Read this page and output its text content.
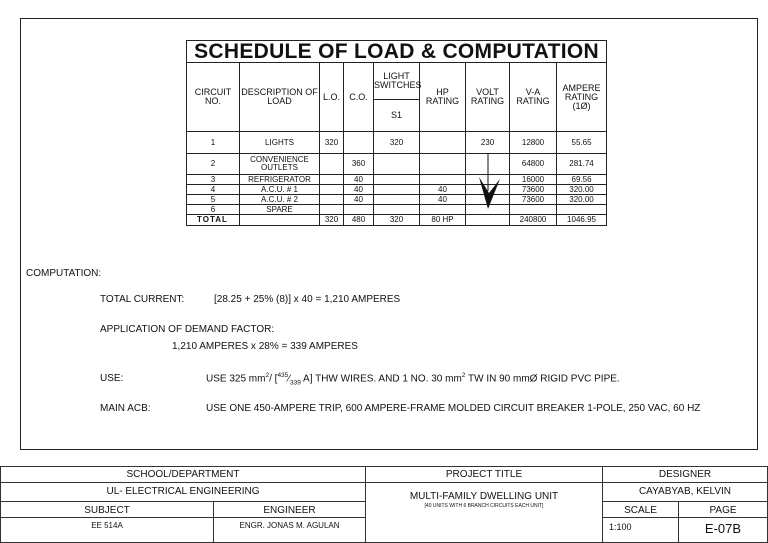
SCHEDULE OF LOAD & COMPUTATION								
CIRCUIT NO.	DESCRIPTION OF LOAD	L.O.	C.O.	LIGHT SWITCHES	HP RATING	VOLT RATING	V-A RATING	AMPERE RATING (1Ø)
				S1				
1	LIGHTS	320		320		230	12800	55.65
2	CONVENIENCE OUTLETS		360				64800	281.74
3	REFRIGERATOR		40				16000	69.56
4	A.C.U. # 1		40		40		73600	320.00
5	A.C.U. # 2		40		40		73600	320.00
6	SPARE							
TOTAL		320	480	320	80 HP		240800	1046.95
COMPUTATION:
TOTAL CURRENT:	[28.25 + 25% (8)] x 40 = 1,210 AMPERES
APPLICATION OF DEMAND FACTOR:
1,210 AMPERES x 28% = 339 AMPERES
USE:	USE 325 $mm^2/$ [$^{435}⁄_{339}$ A] THW WIRES. AND 1 NO. 30 $mm^2$ TW IN 90 mmØ RIGID PVC PIPE.
MAIN ACB:	USE ONE 450-AMPERE TRIP, 600 AMPERE-FRAME MOLDED CIRCUIT BREAKER 1-POLE, 250 VAC, 60 HZ
SCHOOL/DEPARTMENT
UL- ELECTRICAL ENGINEERING
SUBJECT	ENGINEER
EE 514A	ENGR. JONAS M. AGULAN
PROJECT TITLE
MULTI-FAMILY DWELLING UNIT
[40 UNITS WITH 6 BRANCH CIRCUITS EACH UNIT]
DESIGNER
CAYABYAB, KELVIN
SCALE	PAGE
1:100	E-07B
